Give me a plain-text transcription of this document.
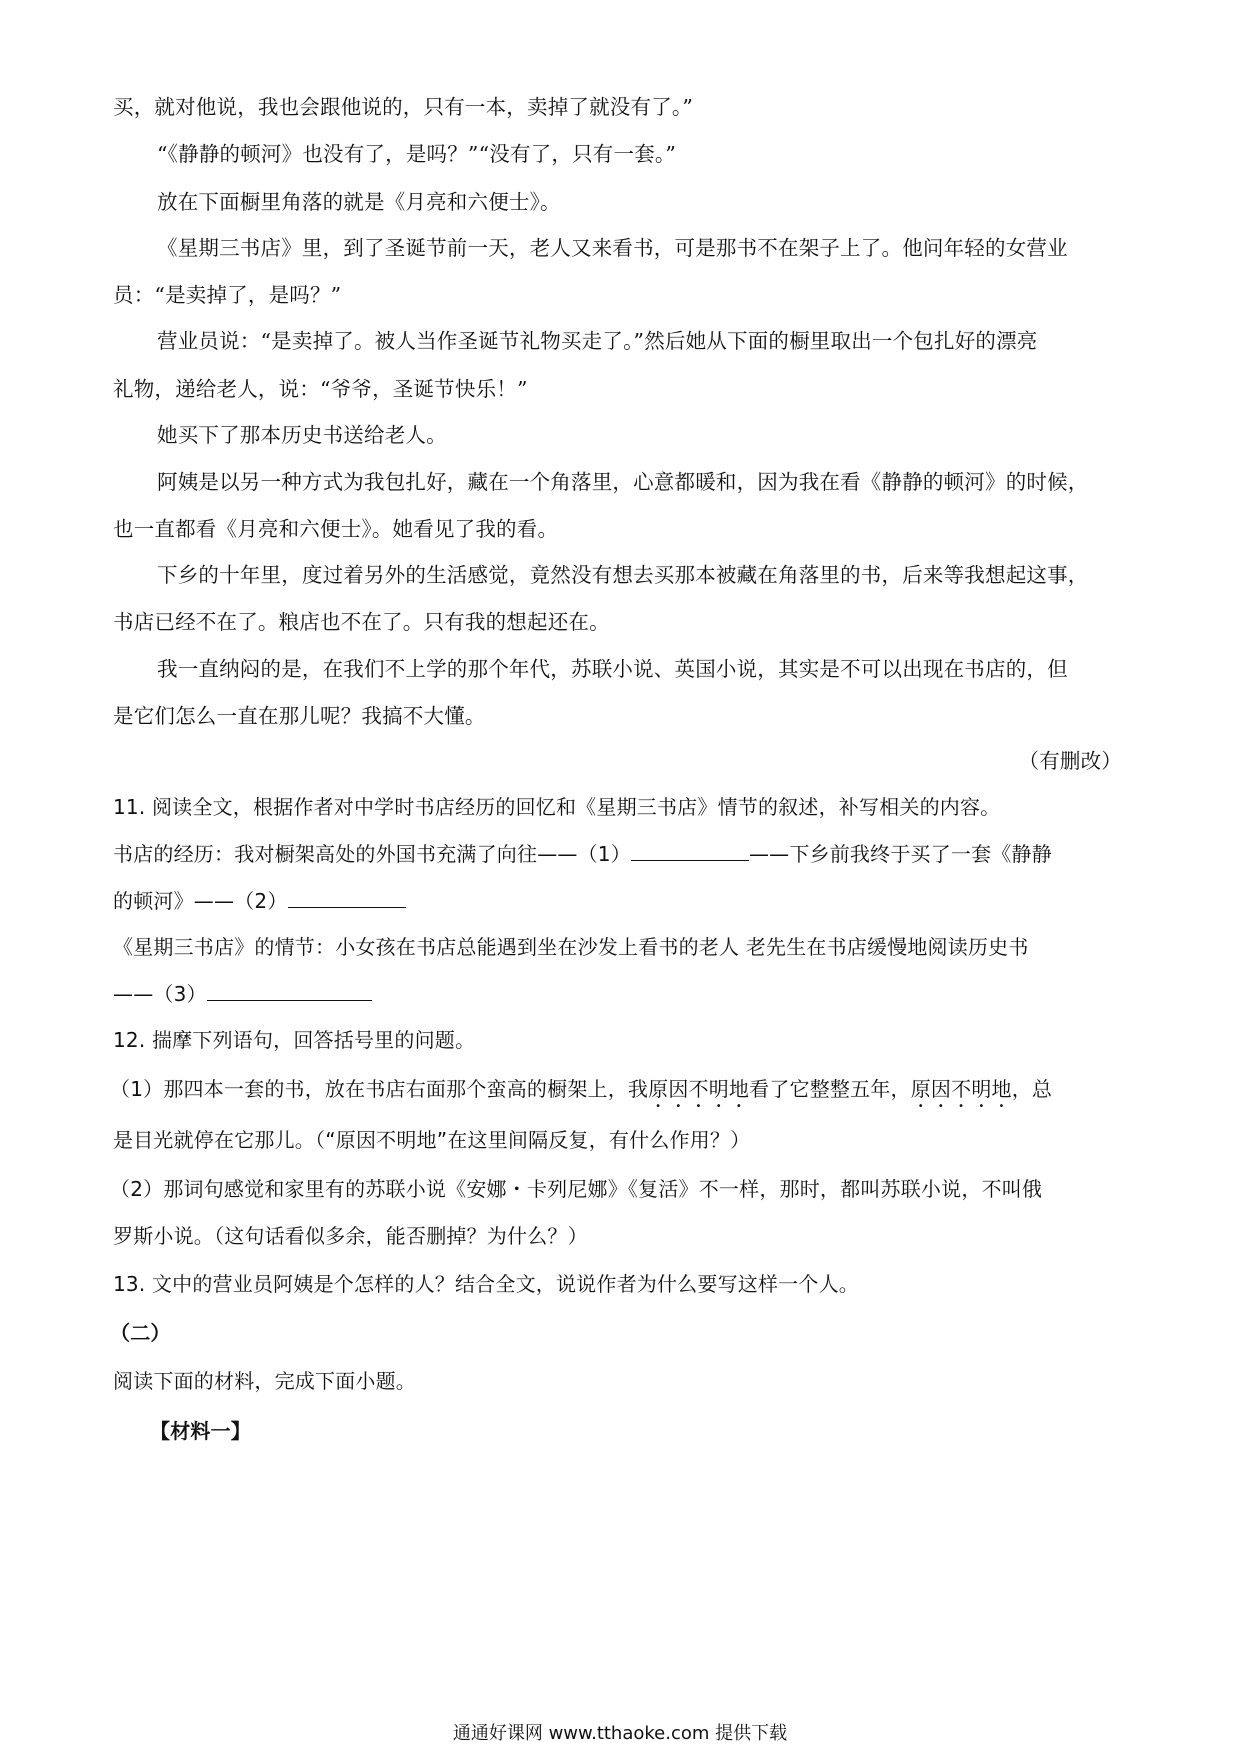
买，就对他说，我也会跟他说的，只有一本，卖掉了就没有了。”
“《静静的顿河》也没有了，是吗？”“没有了，只有一套。”
放在下面橱里角落的就是《月亮和六便士》。
《星期三书店》里，到了圣诞节前一天，老人又来看书，可是那书不在架子上了。他问年轻的女营业
员：“是卖掉了，是吗？”
营业员说：“是卖掉了。被人当作圣诞节礼物买走了。”然后她从下面的橱里取出一个包扎好的漂亮
礼物，递给老人，说：“爷爷，圣诞节快乐！”
她买下了那本历史书送给老人。
阿姨是以另一种方式为我包扎好，藏在一个角落里，心意都暖和，因为我在看《静静的顿河》的时候，
也一直都看《月亮和六便士》。她看见了我的看。
下乡的十年里，度过着另外的生活感觉，竟然没有想去买那本被藏在角落里的书，后来等我想起这事，
书店已经不在了。粮店也不在了。只有我的想起还在。
我一直纳闷的是，在我们不上学的那个年代，苏联小说、英国小说，其实是不可以出现在书店的，但
是它们怎么一直在那儿呢？我搞不大懂。
（有删改）
11. 阅读全文，根据作者对中学时书店经历的回忆和《星期三书店》情节的叙述，补写相关的内容。
书店的经历：我对橱架高处的外国书充满了向往——（1）	——下乡前我终于买了一套《静静
的顿河》——（2）
《星期三书店》的情节：小女孩在书店总能遇到坐在沙发上看书的老人 老先生在书店缓慢地阅读历史书
——（3）
12. 揣摩下列语句，回答括号里的问题。
（1）那四本一套的书，放在书店右面那个蛮高的橱架上，我原因不明地看了它整整五年，原因不明地，总
是目光就停在它那儿。（“原因不明地”在这里间隔反复，有什么作用？）
（2）那词句感觉和家里有的苏联小说《安娜・卡列尼娜》《复活》不一样，那时，都叫苏联小说，不叫俄
罗斯小说。（这句话看似多余，能否删掉？为什么？）
13. 文中的营业员阿姨是个怎样的人？结合全文，说说作者为什么要写这样一个人。
（二）
阅读下面的材料，完成下面小题。
【材料一】
通通好课网 www.tthaoke.com 提供下载
